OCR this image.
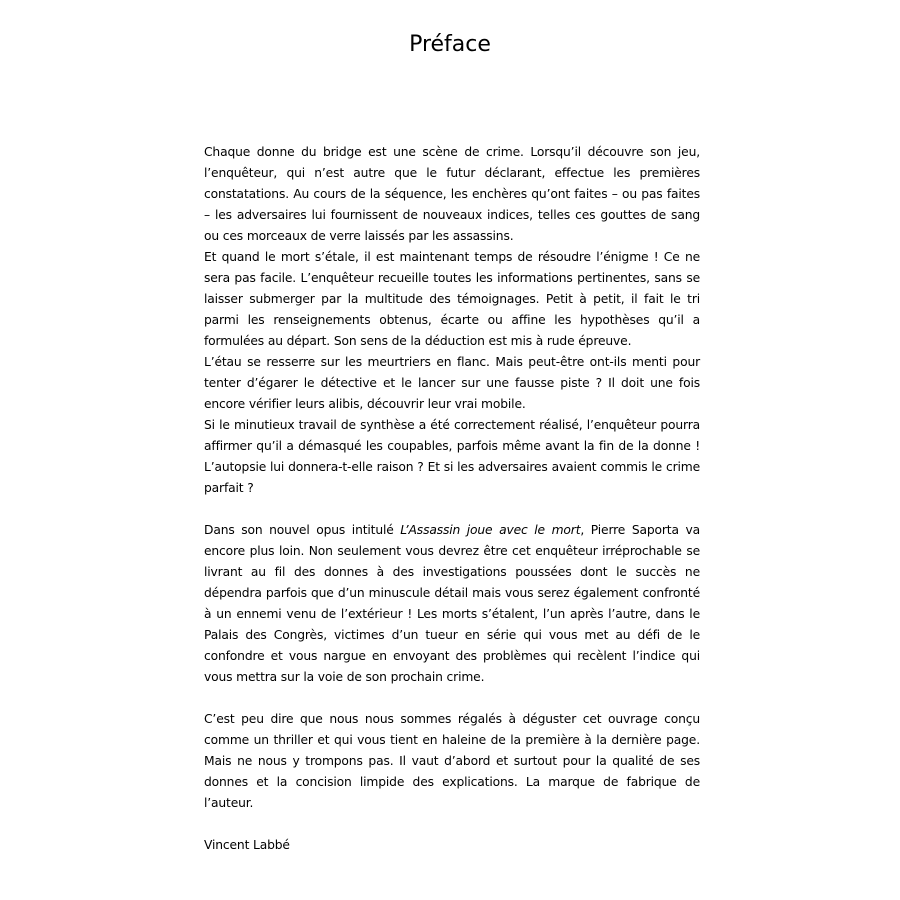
Préface

Chaque donne du bridge est une scène de crime. Lorsqu’il découvre son jeu, l’enquêteur, qui n’est autre que le futur déclarant, effectue les premières constatations. Au cours de la séquence, les enchères qu’ont faites – ou pas faites – les adversaires lui fournissent de nouveaux indices, telles ces gouttes de sang ou ces morceaux de verre laissés par les assassins.

Et quand le mort s’étale, il est maintenant temps de résoudre l’énigme ! Ce ne sera pas facile. L’enquêteur recueille toutes les informations pertinentes, sans se laisser submerger par la multitude des témoignages. Petit à petit, il fait le tri parmi les renseignements obtenus, écarte ou affine les hypothèses qu’il a formulées au départ. Son sens de la déduction est mis à rude épreuve.

L’étau se resserre sur les meurtriers en flanc. Mais peut-être ont-ils menti pour tenter d’égarer le détective et le lancer sur une fausse piste ? Il doit une fois encore vérifier leurs alibis, découvrir leur vrai mobile.

Si le minutieux travail de synthèse a été correctement réalisé, l’enquêteur pourra affirmer qu’il a démasqué les coupables, parfois même avant la fin de la donne ! L’autopsie lui donnera-t-elle raison ? Et si les adversaires avaient commis le crime parfait ?

Dans son nouvel opus intitulé L’Assassin joue avec le mort, Pierre Saporta va encore plus loin. Non seulement vous devrez être cet enquêteur irréprochable se livrant au fil des donnes à des investigations poussées dont le succès ne dépendra parfois que d’un minuscule détail mais vous serez également confronté à un ennemi venu de l’extérieur ! Les morts s’étalent, l’un après l’autre, dans le Palais des Congrès, victimes d’un tueur en série qui vous met au défi de le confondre et vous nargue en envoyant des problèmes qui recèlent l’indice qui vous mettra sur la voie de son prochain crime.

C’est peu dire que nous nous sommes régalés à déguster cet ouvrage conçu comme un thriller et qui vous tient en haleine de la première à la dernière page. Mais ne nous y trompons pas. Il vaut d’abord et surtout pour la qualité de ses donnes et la concision limpide des explications. La marque de fabrique de l’auteur.

Vincent Labbé
